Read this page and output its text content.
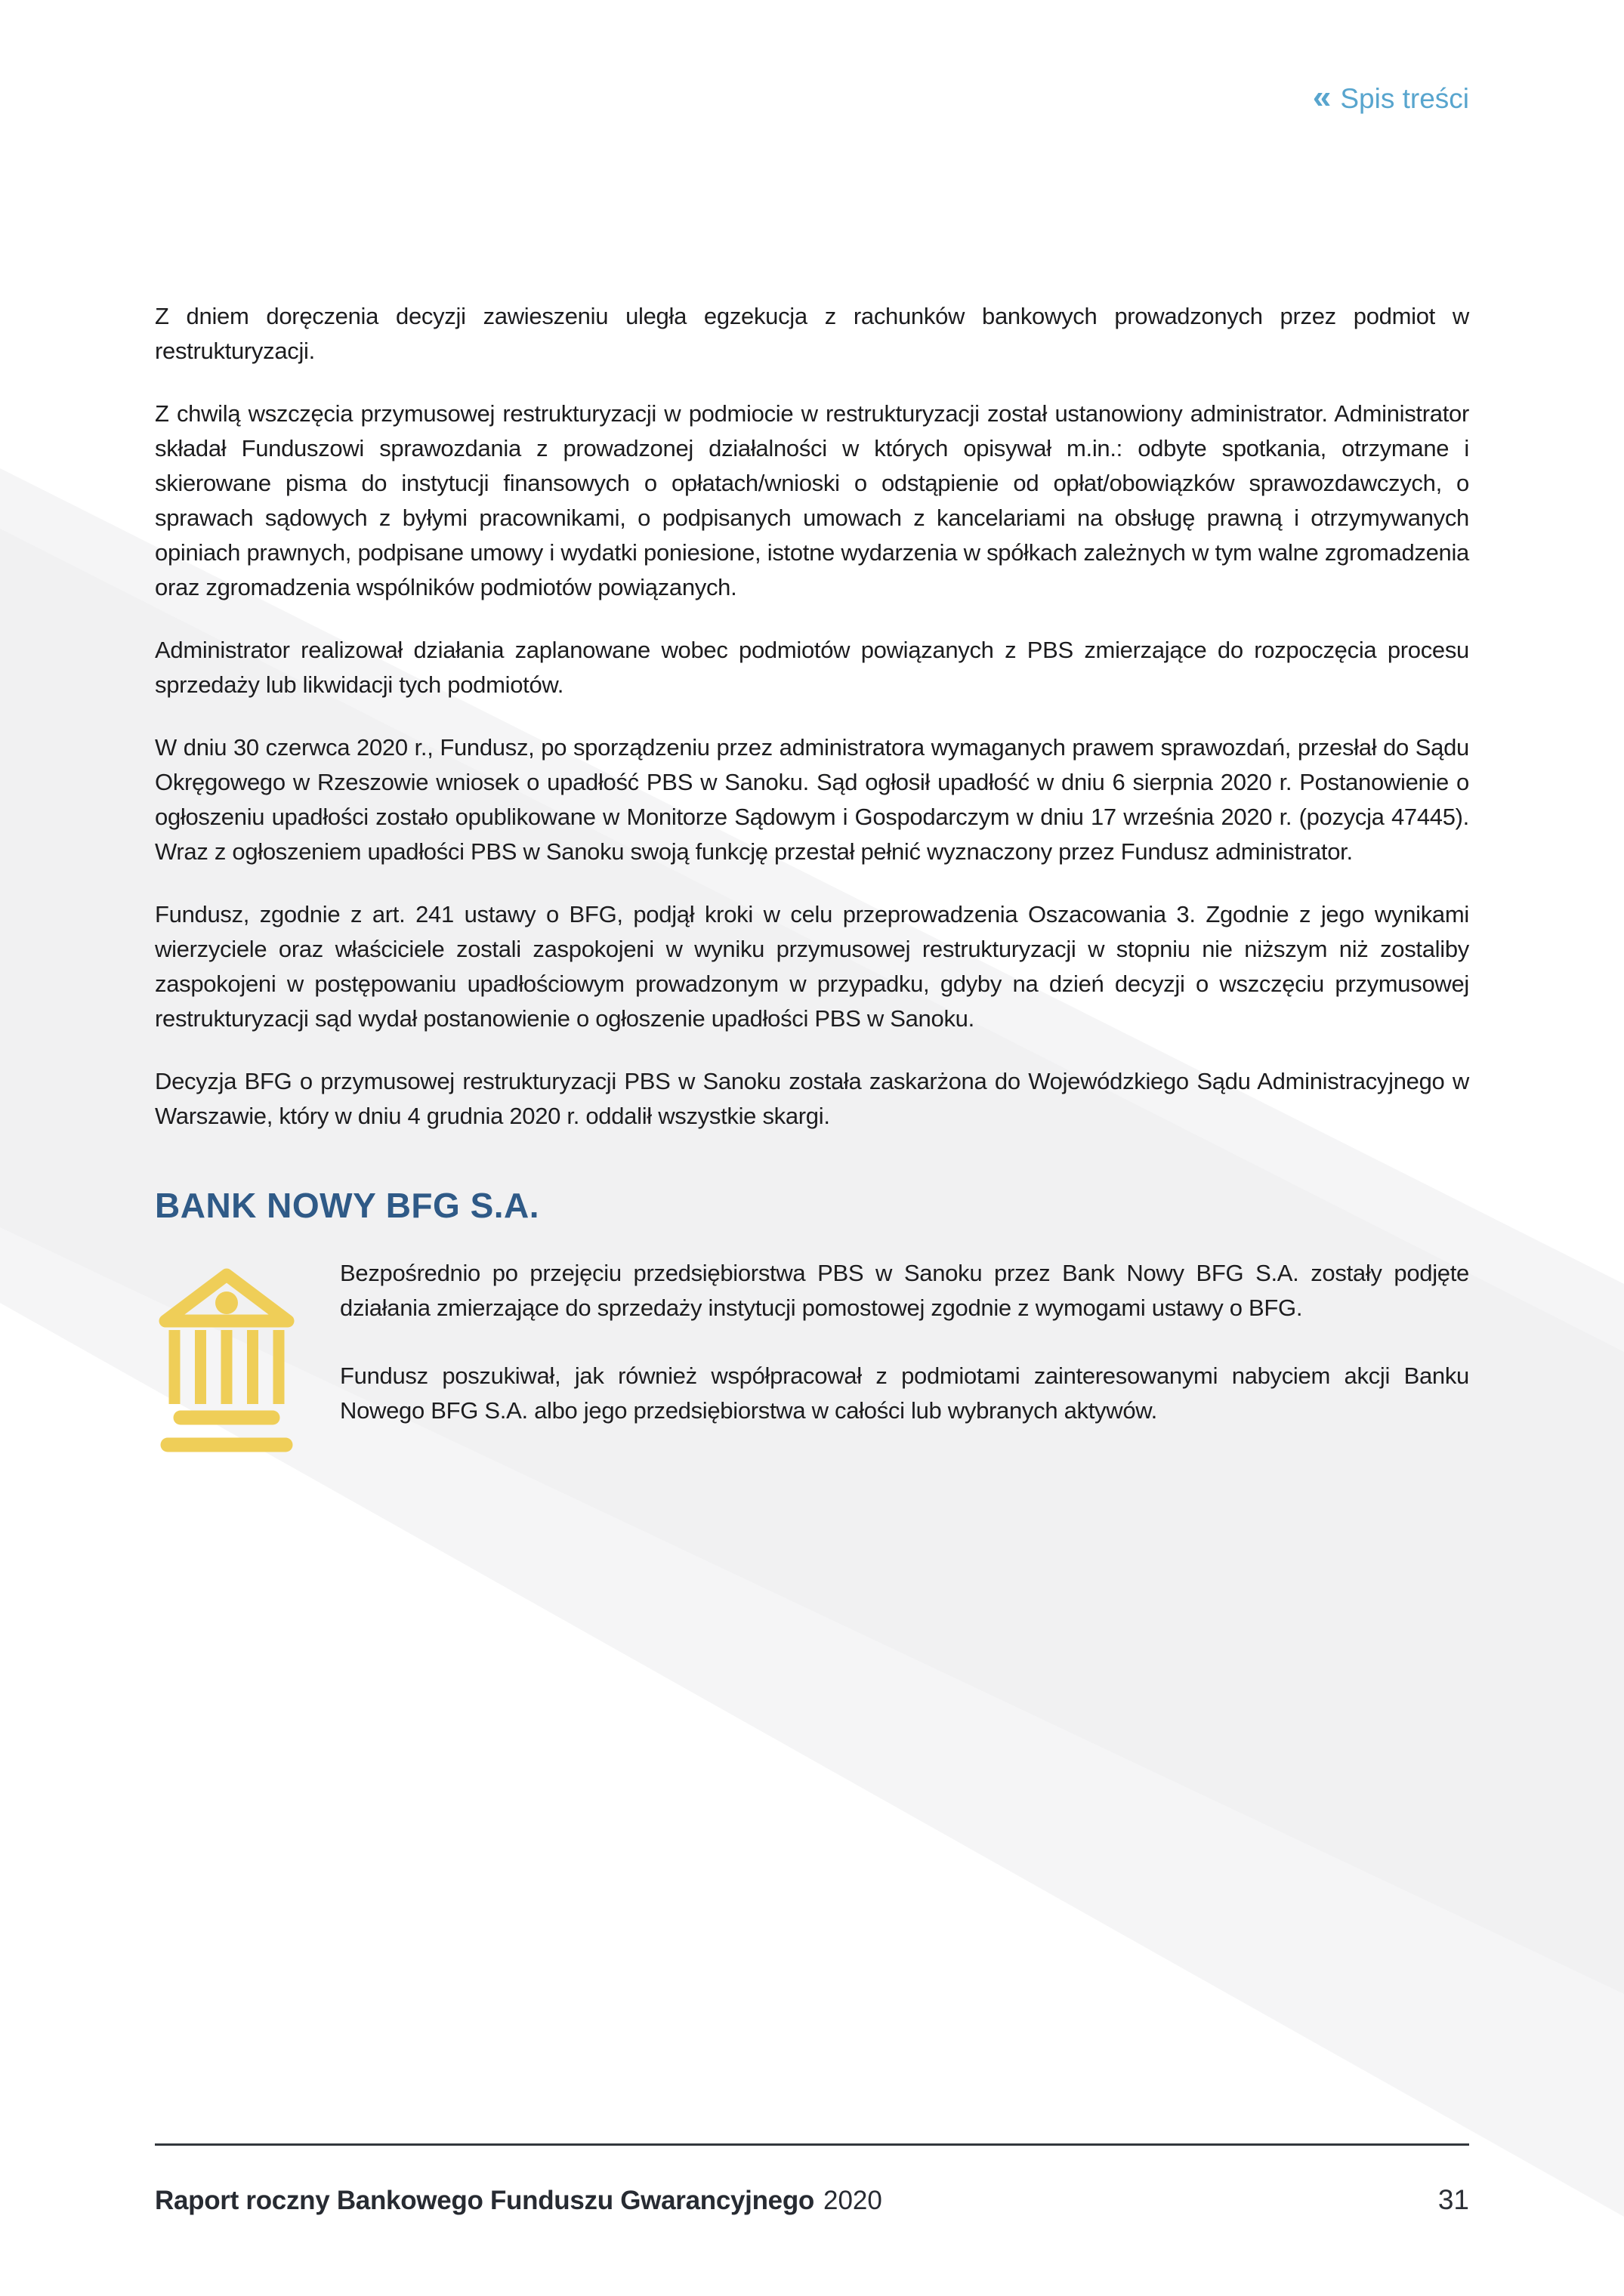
« Spis treści

Z dniem doręczenia decyzji zawieszeniu uległa egzekucja z rachunków bankowych prowadzonych przez podmiot w restrukturyzacji.

Z chwilą wszczęcia przymusowej restrukturyzacji w podmiocie w restrukturyzacji został ustanowiony administrator. Administrator składał Funduszowi sprawozdania z prowadzonej działalności w których opisywał m.in.: odbyte spotkania, otrzymane i skierowane pisma do instytucji finansowych o opłatach/wnioski o odstąpienie od opłat/obowiązków sprawozdawczych, o sprawach sądowych z byłymi pracownikami, o podpisanych umowach z kancelariami na obsługę prawną i otrzymywanych opiniach prawnych, podpisane umowy i wydatki poniesione, istotne wydarzenia w spółkach zależnych w tym walne zgromadzenia oraz zgromadzenia wspólników podmiotów powiązanych.

Administrator realizował działania zaplanowane wobec podmiotów powiązanych z PBS zmierzające do rozpoczęcia procesu sprzedaży lub likwidacji tych podmiotów.

W dniu 30 czerwca 2020 r., Fundusz, po sporządzeniu przez administratora wymaganych prawem sprawozdań, przesłał do Sądu Okręgowego w Rzeszowie wniosek o upadłość PBS w Sanoku. Sąd ogłosił upadłość w dniu 6 sierpnia 2020 r. Postanowienie o ogłoszeniu upadłości zostało opublikowane w Monitorze Sądowym i Gospodarczym w dniu 17 września 2020 r. (pozycja 47445). Wraz z ogłoszeniem upadłości PBS w Sanoku swoją funkcję przestał pełnić wyznaczony przez Fundusz administrator.

Fundusz, zgodnie z art. 241 ustawy o BFG, podjął kroki w celu przeprowadzenia Oszacowania 3. Zgodnie z jego wynikami wierzyciele oraz właściciele zostali zaspokojeni w wyniku przymusowej restrukturyzacji w stopniu nie niższym niż zostaliby zaspokojeni w postępowaniu upadłościowym prowadzonym w przypadku, gdyby na dzień decyzji o wszczęciu przymusowej restrukturyzacji sąd wydał postanowienie o ogłoszenie upadłości PBS w Sanoku.

Decyzja BFG o przymusowej restrukturyzacji PBS w Sanoku została zaskarżona do Wojewódzkiego Sądu Administracyjnego w Warszawie, który w dniu 4 grudnia 2020 r. oddalił wszystkie skargi.

BANK NOWY BFG S.A.

Bezpośrednio po przejęciu przedsiębiorstwa PBS w Sanoku przez Bank Nowy BFG S.A. zostały podjęte działania zmierzające do sprzedaży instytucji pomostowej zgodnie z wymogami ustawy o BFG.

Fundusz poszukiwał, jak również współpracował z podmiotami zainteresowanymi nabyciem akcji Banku Nowego BFG S.A. albo jego przedsiębiorstwa w całości lub wybranych aktywów.

Raport roczny Bankowego Funduszu Gwarancyjnego 2020	31
